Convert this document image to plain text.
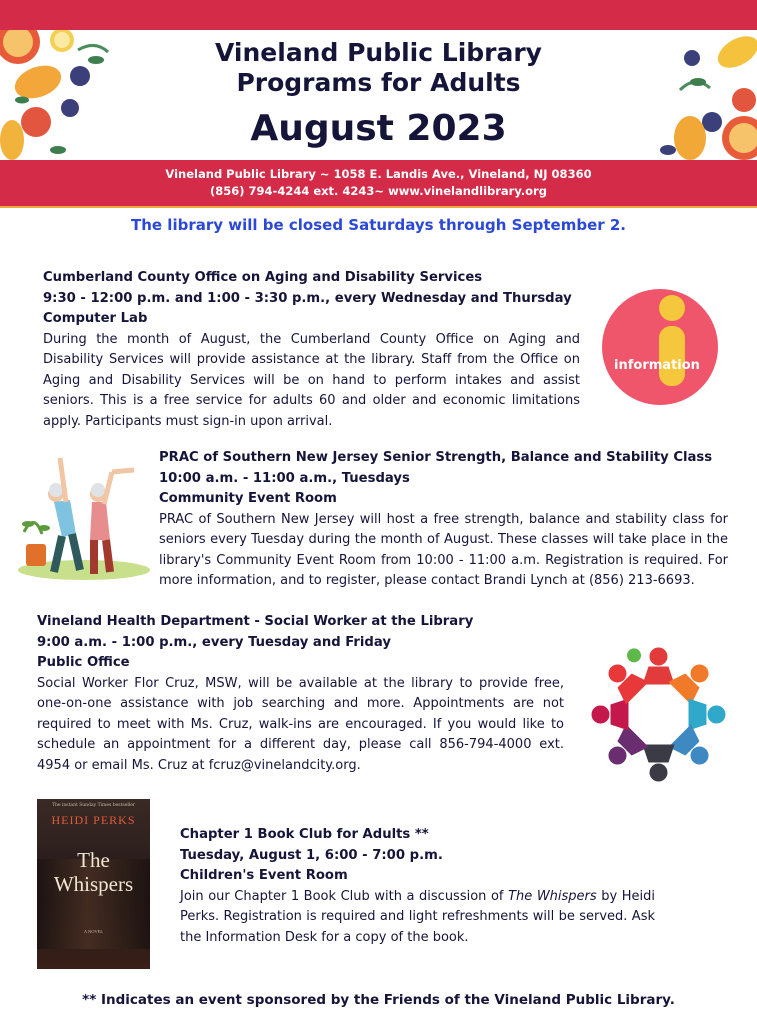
Vineland Public Library
Programs for Adults
August 2023
Vineland Public Library ~ 1058 E. Landis Ave., Vineland, NJ 08360
(856) 794-4244 ext. 4243~ www.vinelandlibrary.org
The library will be closed Saturdays through September 2.
Cumberland County Office on Aging and Disability Services
9:30 - 12:00 p.m. and 1:00 - 3:30 p.m., every Wednesday and Thursday
Computer Lab
During the month of August, the Cumberland County Office on Aging and Disability Services will provide assistance at the library. Staff from the Office on Aging and Disability Services will be on hand to perform intakes and assist seniors. This is a free service for adults 60 and older and economic limitations apply. Participants must sign-in upon arrival.
information
PRAC of Southern New Jersey Senior Strength, Balance and Stability Class
10:00 a.m. - 11:00 a.m., Tuesdays
Community Event Room
PRAC of Southern New Jersey will host a free strength, balance and stability class for seniors every Tuesday during the month of August. These classes will take place in the library's Community Event Room from 10:00 - 11:00 a.m. Registration is required. For more information, and to register, please contact Brandi Lynch at (856) 213-6693.
Vineland Health Department - Social Worker at the Library
9:00 a.m. - 1:00 p.m., every Tuesday and Friday
Public Office
Social Worker Flor Cruz, MSW, will be available at the library to provide free, one-on-one assistance with job searching and more. Appointments are not required to meet with Ms. Cruz, walk-ins are encouraged. If you would like to schedule an appointment for a different day, please call 856-794-4000 ext. 4954 or email Ms. Cruz at fcruz@vinelandcity.org.
The instant Sunday Times bestseller
HEIDI PERKS
The
Whispers
A NOVEL
Chapter 1 Book Club for Adults **
Tuesday, August 1, 6:00 - 7:00 p.m.
Children's Event Room
Join our Chapter 1 Book Club with a discussion of The Whispers by Heidi Perks. Registration is required and light refreshments will be served. Ask the Information Desk for a copy of the book.
** Indicates an event sponsored by the Friends of the Vineland Public Library.
